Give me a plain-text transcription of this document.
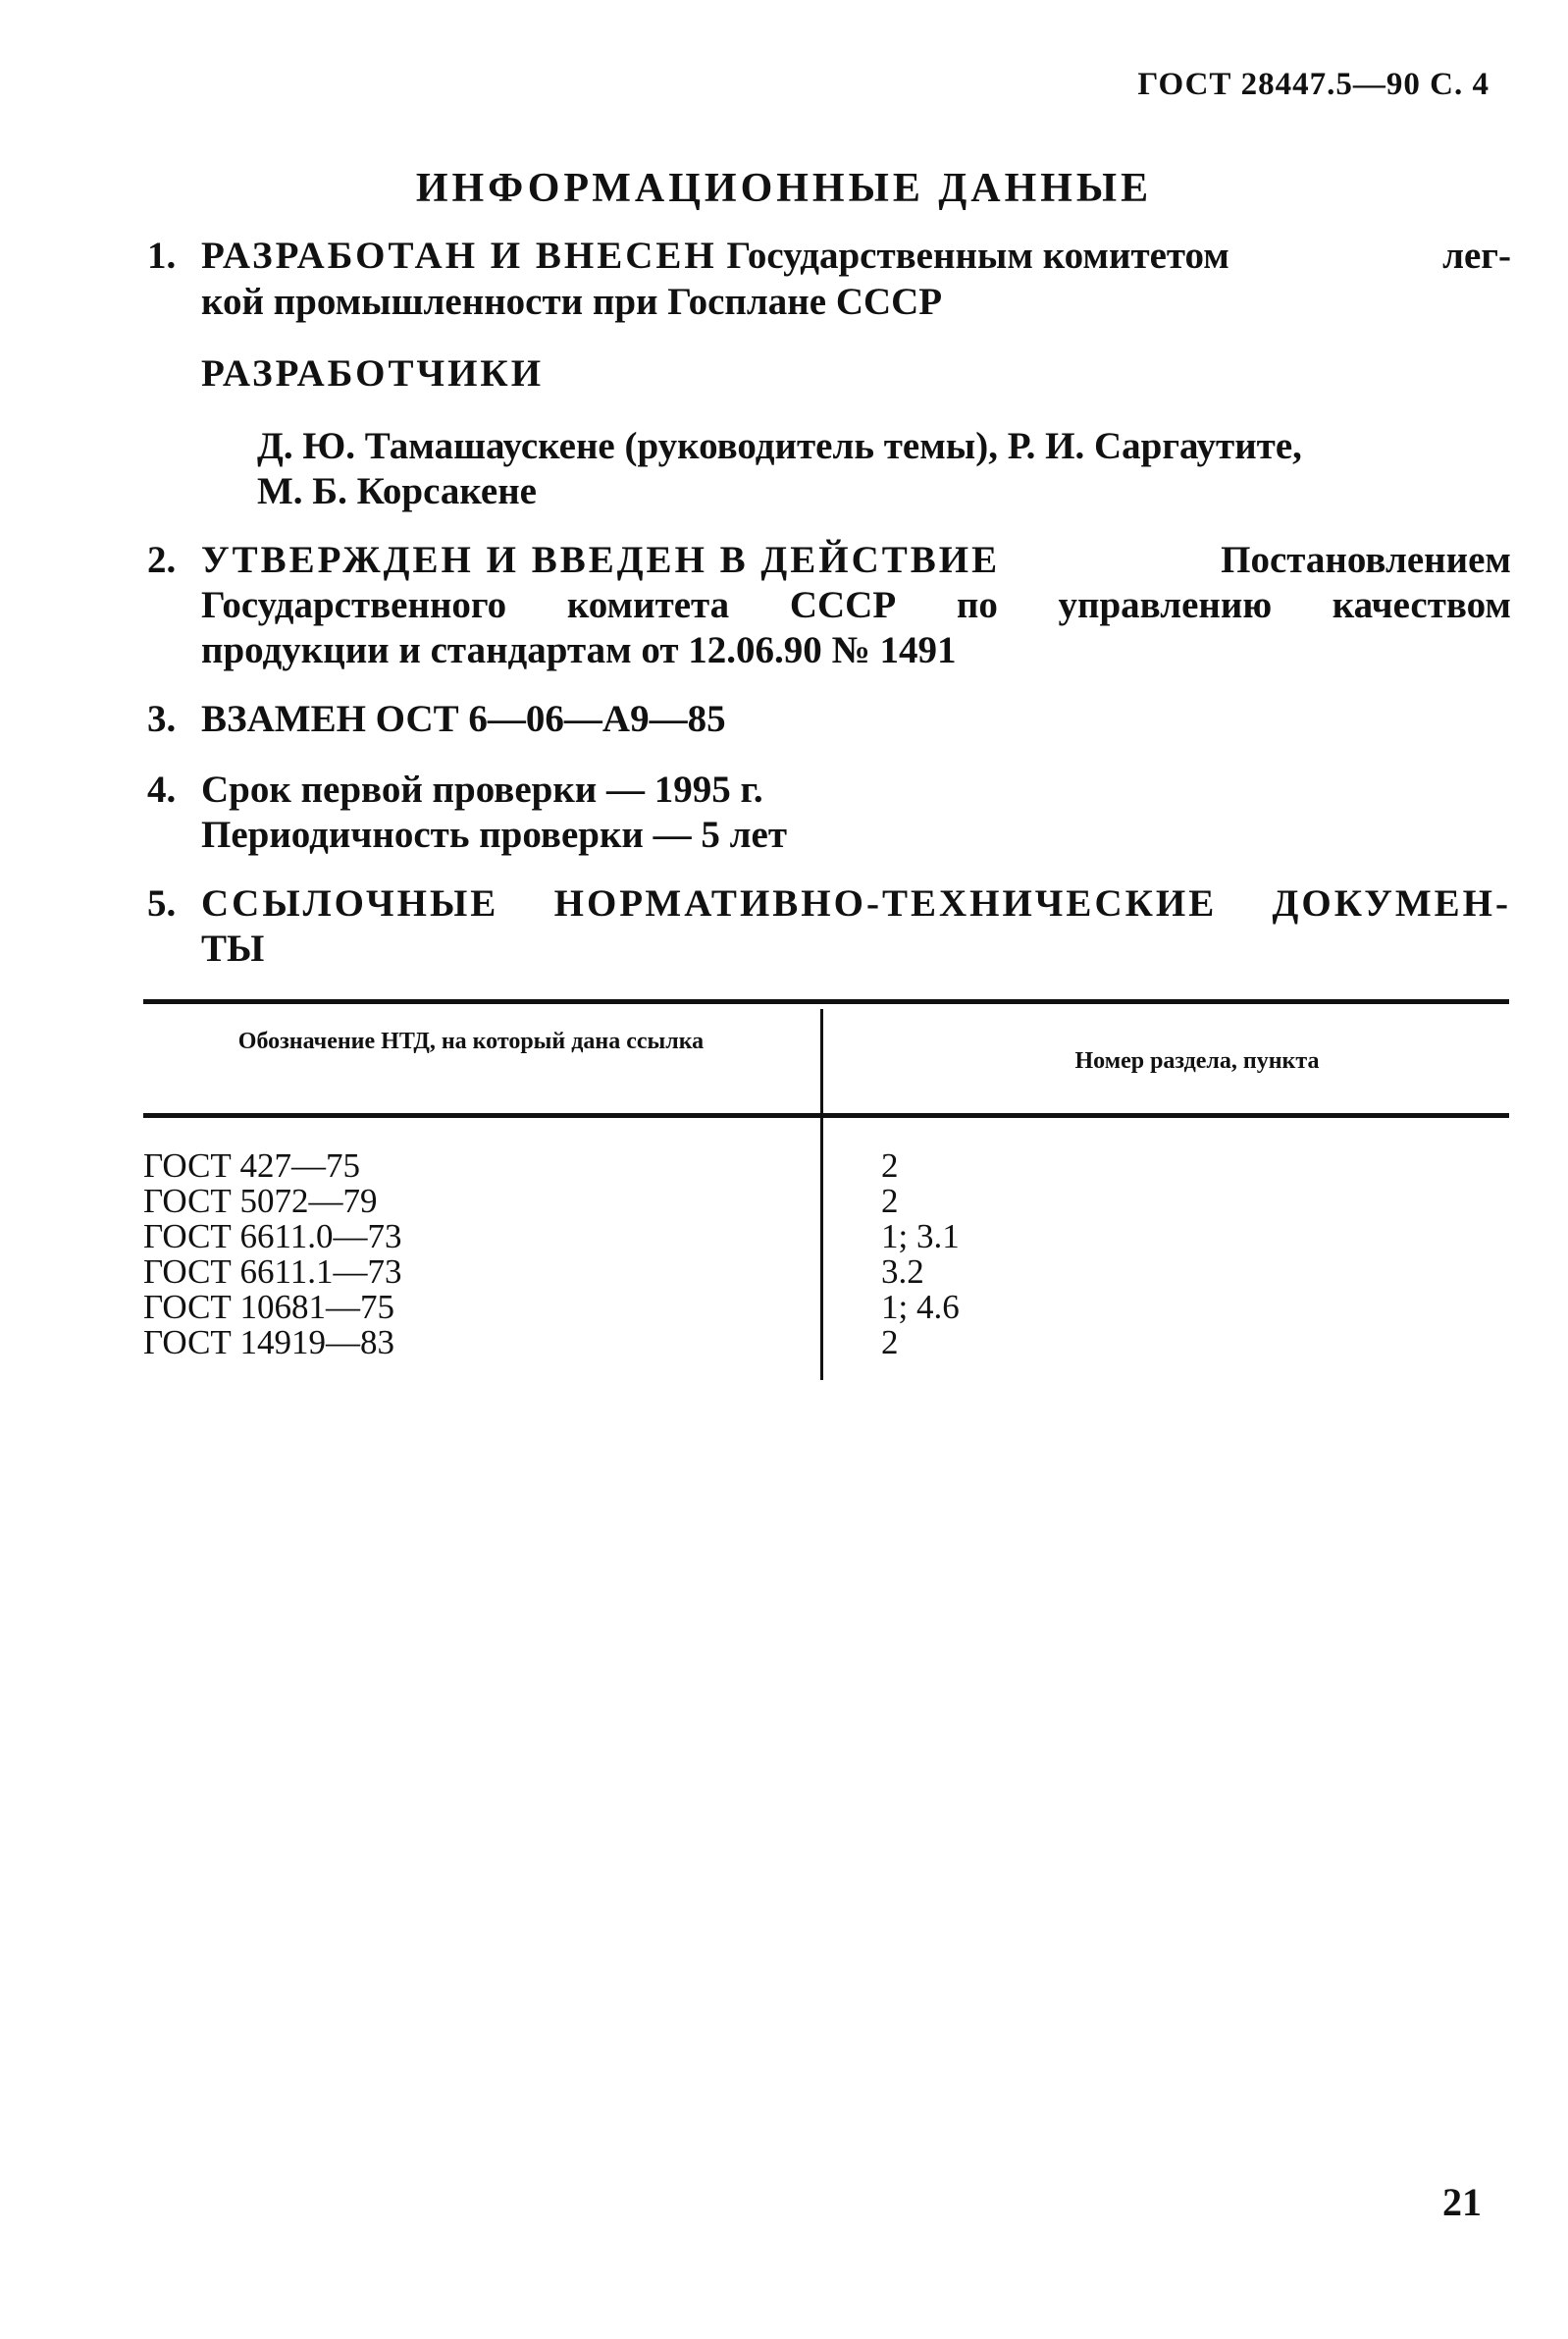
ГОСТ 28447.5—90 С. 4
ИНФОРМАЦИОННЫЕ ДАННЫЕ
1. РАЗРАБОТАН И ВНЕСЕН Государственным комитетом	лег-
кой промышленности при Госплане СССР
РАЗРАБОТЧИКИ
Д. Ю. Тамашаускене (руководитель темы), Р. И. Саргаутите,
М. Б. Корсакене
2. УТВЕРЖДЕН И ВВЕДЕН В ДЕЙСТВИЕ	Постановлением
Государственного комитета СССР по управлению качеством
продукции и стандартам от 12.06.90 № 1491
3. ВЗАМЕН ОСТ 6—06—А9—85
4. Срок первой проверки — 1995 г.
Периодичность проверки — 5 лет
5. ССЫЛОЧНЫЕ НОРМАТИВНО-ТЕХНИЧЕСКИЕ ДОКУМЕН-
ТЫ
Обозначение НТД, на который дана ссылка
Номер раздела, пункта
ГОСТ 427—75
ГОСТ 5072—79
ГОСТ 6611.0—73
ГОСТ 6611.1—73
ГОСТ 10681—75
ГОСТ 14919—83
2
2
1; 3.1
3.2
1; 4.6
2
21
